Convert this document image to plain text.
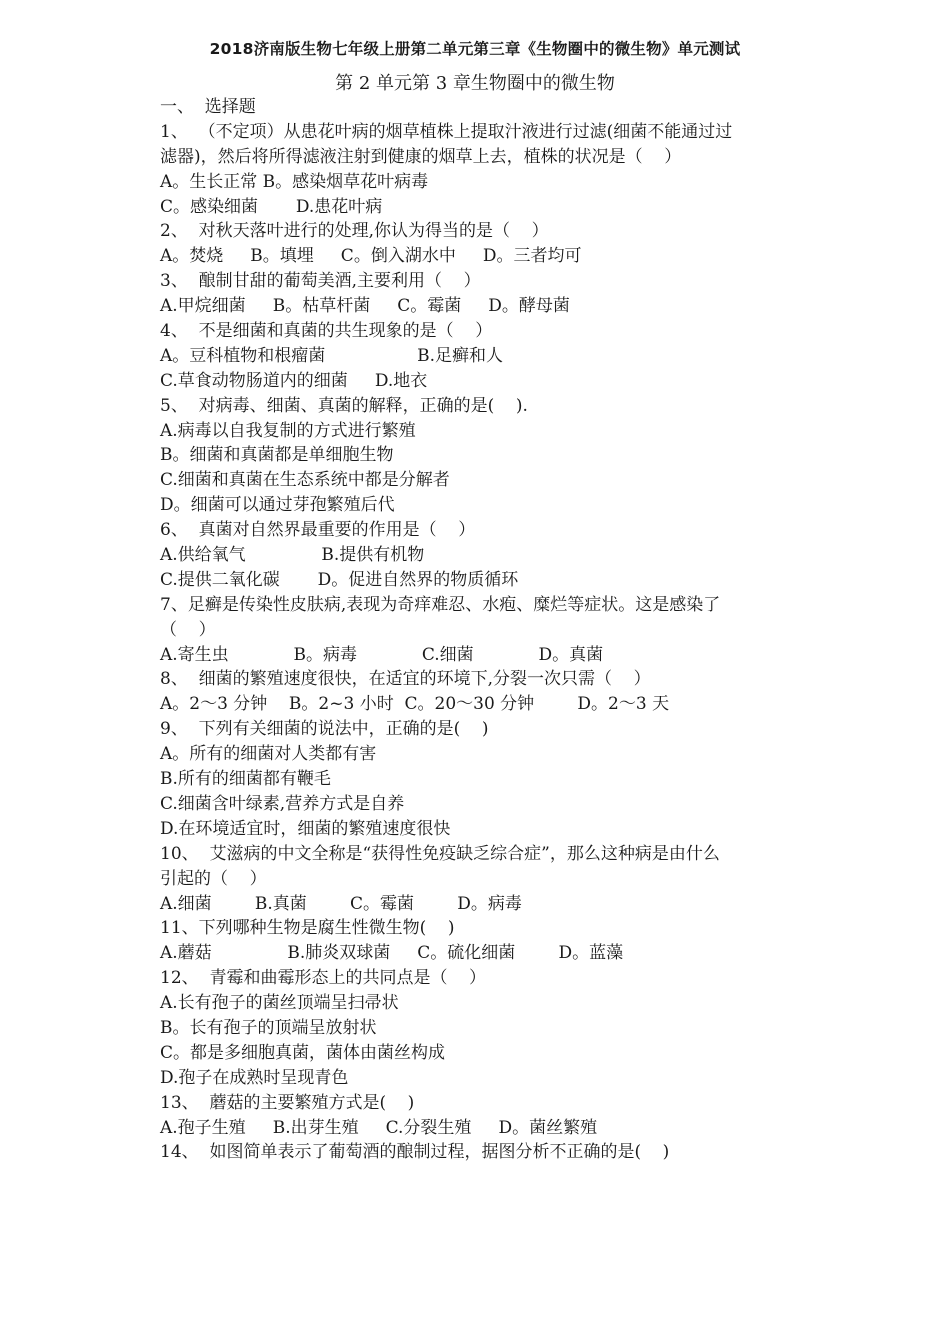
2018济南版生物七年级上册第二单元第三章《生物圈中的微生物》单元测试
第 2 单元第 3 章生物圈中的微生物
一、  选择题
1、  （不定项）从患花叶病的烟草植株上提取汁液进行过滤(细菌不能通过过
滤器)，然后将所得滤液注射到健康的烟草上去，植株的状况是（    ）
A。生长正常 B。感染烟草花叶病毒
C。感染细菌       D.患花叶病
2、  对秋天落叶进行的处理,你认为得当的是（    ）
A。焚烧     B。填埋     C。倒入湖水中     D。三者均可
3、  酿制甘甜的葡萄美酒,主要利用（    ）
A.甲烷细菌     B。枯草杆菌     C。霉菌     D。酵母菌
4、  不是细菌和真菌的共生现象的是（    ）
A。豆科植物和根瘤菌                 B.足癣和人
C.草食动物肠道内的细菌     D.地衣
5、  对病毒、细菌、真菌的解释，正确的是(    ).
A.病毒以自我复制的方式进行繁殖
B。细菌和真菌都是单细胞生物
C.细菌和真菌在生态系统中都是分解者
D。细菌可以通过芽孢繁殖后代
6、  真菌对自然界最重要的作用是（    ）
A.供给氧气              B.提供有机物
C.提供二氧化碳       D。促进自然界的物质循环
7、足癣是传染性皮肤病,表现为奇痒难忍、水疱、糜烂等症状。这是感染了
（    ）
A.寄生虫            B。病毒            C.细菌            D。真菌
8、  细菌的繁殖速度很快，在适宜的环境下,分裂一次只需（    ）
A。2～3 分钟    B。2~3 小时  C。20～30 分钟        D。2～3 天
9、  下列有关细菌的说法中，正确的是(    )
A。所有的细菌对人类都有害
B.所有的细菌都有鞭毛
C.细菌含叶绿素,营养方式是自养
D.在环境适宜时，细菌的繁殖速度很快
10、  艾滋病的中文全称是“获得性免疫缺乏综合症”，那么这种病是由什么
引起的（    ）
A.细菌        B.真菌        C。霉菌        D。病毒
11、下列哪种生物是腐生性微生物(    )
A.蘑菇              B.肺炎双球菌     C。硫化细菌        D。蓝藻
12、  青霉和曲霉形态上的共同点是（    ）
A.长有孢子的菌丝顶端呈扫帚状
B。长有孢子的顶端呈放射状
C。都是多细胞真菌，菌体由菌丝构成
D.孢子在成熟时呈现青色
13、  蘑菇的主要繁殖方式是(    )
A.孢子生殖     B.出芽生殖     C.分裂生殖     D。菌丝繁殖
14、  如图简单表示了葡萄酒的酿制过程，据图分析不正确的是(    )
